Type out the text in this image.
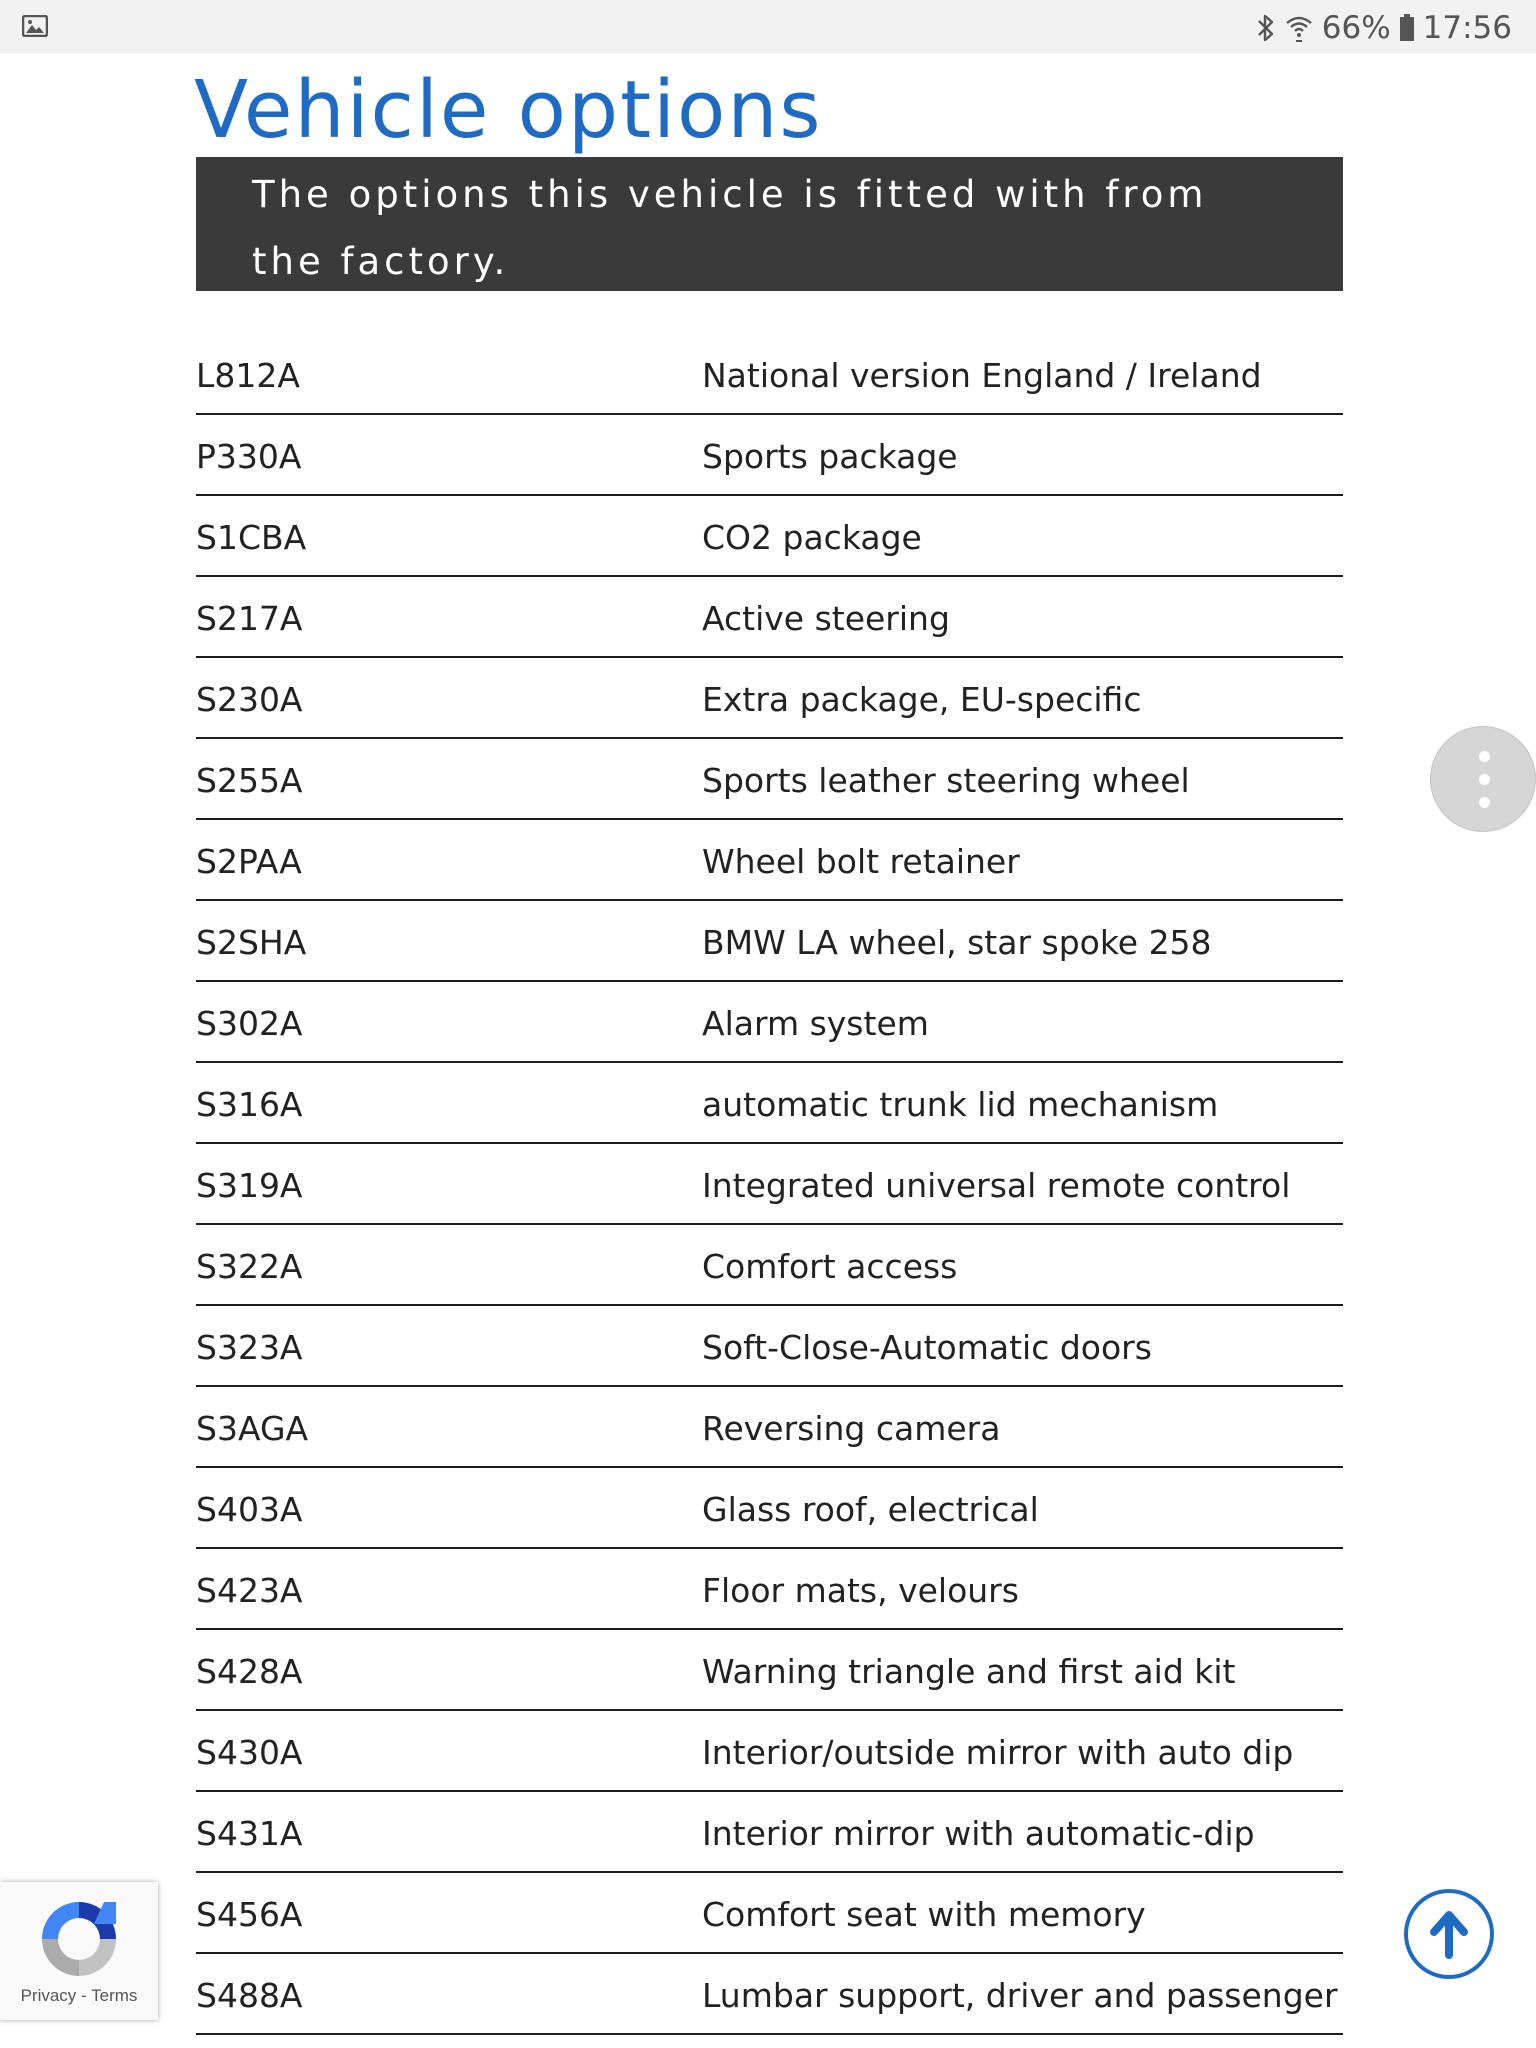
66% 17:56
Vehicle options
The options this vehicle is fitted with from the factory.
L812A	National version England / Ireland
P330A	Sports package
S1CBA	CO2 package
S217A	Active steering
S230A	Extra package, EU-specific
S255A	Sports leather steering wheel
S2PAA	Wheel bolt retainer
S2SHA	BMW LA wheel, star spoke 258
S302A	Alarm system
S316A	automatic trunk lid mechanism
S319A	Integrated universal remote control
S322A	Comfort access
S323A	Soft-Close-Automatic doors
S3AGA	Reversing camera
S403A	Glass roof, electrical
S423A	Floor mats, velours
S428A	Warning triangle and first aid kit
S430A	Interior/outside mirror with auto dip
S431A	Interior mirror with automatic-dip
S456A	Comfort seat with memory
S488A	Lumbar support, driver and passenger
Privacy - Terms
